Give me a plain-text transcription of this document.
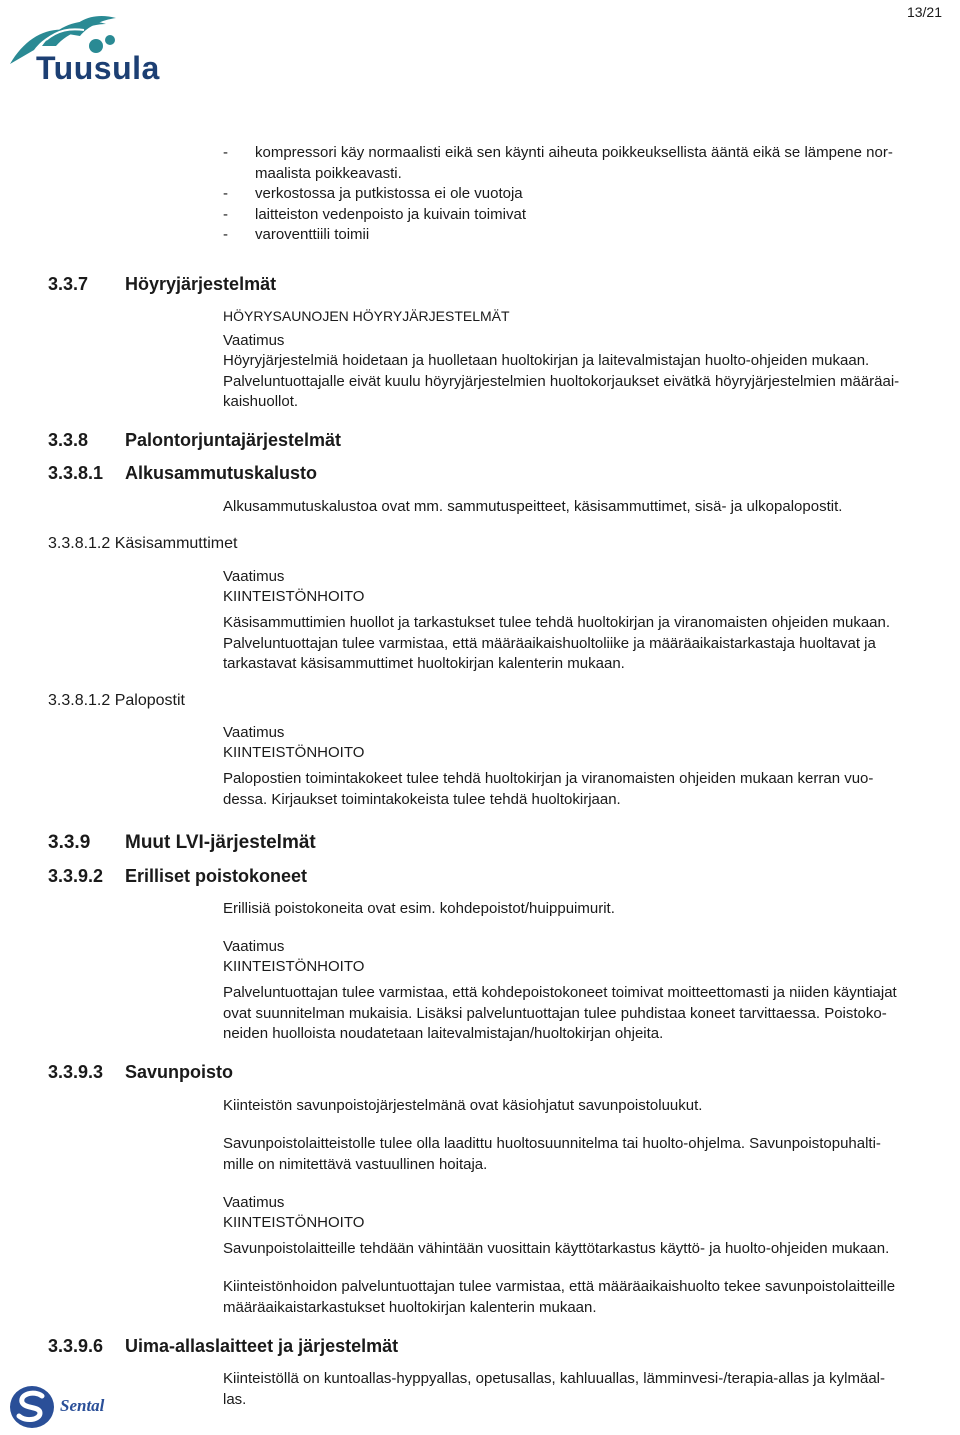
13/21
Tuusula
-	kompressori käy normaalisti eikä sen käynti aiheuta poikkeuksellista ääntä eikä se lämpene nor-
maalista poikkeavasti.
-	verkostossa ja putkistossa ei ole vuotoja
-	laitteiston vedenpoisto ja kuivain toimivat
-	varoventtiili toimii
3.3.7 Höyryjärjestelmät
HÖYRYSAUNOJEN HÖYRYJÄRJESTELMÄT
Vaatimus
Höyryjärjestelmiä hoidetaan ja huolletaan huoltokirjan ja laitevalmistajan huolto-ohjeiden mukaan.
Palveluntuottajalle eivät kuulu höyryjärjestelmien huoltokorjaukset eivätkä höyryjärjestelmien määräai-
kaishuollot.
3.3.8 Palontorjuntajärjestelmät
3.3.8.1 Alkusammutuskalusto
Alkusammutuskalustoa ovat mm. sammutuspeitteet, käsisammuttimet, sisä- ja ulkopalopostit.
3.3.8.1.2 Käsisammuttimet
Vaatimus
KIINTEISTÖNHOITO
Käsisammuttimien huollot ja tarkastukset tulee tehdä huoltokirjan ja viranomaisten ohjeiden mukaan.
Palveluntuottajan tulee varmistaa, että määräaikaishuoltoliike ja määräaikaistarkastaja huoltavat ja
tarkastavat käsisammuttimet huoltokirjan kalenterin mukaan.
3.3.8.1.2 Palopostit
Vaatimus
KIINTEISTÖNHOITO
Palopostien toimintakokeet tulee tehdä huoltokirjan ja viranomaisten ohjeiden mukaan kerran vuo-
dessa. Kirjaukset toimintakokeista tulee tehdä huoltokirjaan.
3.3.9 Muut LVI-järjestelmät
3.3.9.2 Erilliset poistokoneet
Erillisiä poistokoneita ovat esim. kohdepoistot/huippuimurit.
Vaatimus
KIINTEISTÖNHOITO
Palveluntuottajan tulee varmistaa, että kohdepoistokoneet toimivat moitteettomasti ja niiden käyntiajat
ovat suunnitelman mukaisia. Lisäksi palveluntuottajan tulee puhdistaa koneet tarvittaessa. Poistoko-
neiden huolloista noudatetaan laitevalmistajan/huoltokirjan ohjeita.
3.3.9.3 Savunpoisto
Kiinteistön savunpoistojärjestelmänä ovat käsiohjatut savunpoistoluukut.
Savunpoistolaitteistolle tulee olla laadittu huoltosuunnitelma tai huolto-ohjelma. Savunpoistopuhalti-
mille on nimitettävä vastuullinen hoitaja.
Vaatimus
KIINTEISTÖNHOITO
Savunpoistolaitteille tehdään vähintään vuosittain käyttötarkastus käyttö- ja huolto-ohjeiden mukaan.
Kiinteistönhoidon palveluntuottajan tulee varmistaa, että määräaikaishuolto tekee savunpoistolaitteille
määräaikaistarkastukset huoltokirjan kalenterin mukaan.
3.3.9.6 Uima-allaslaitteet ja järjestelmät
Kiinteistöllä on kuntoallas-hyppyallas, opetusallas, kahluuallas, lämminvesi-/terapia-allas ja kylmäal-
las.
Sental
